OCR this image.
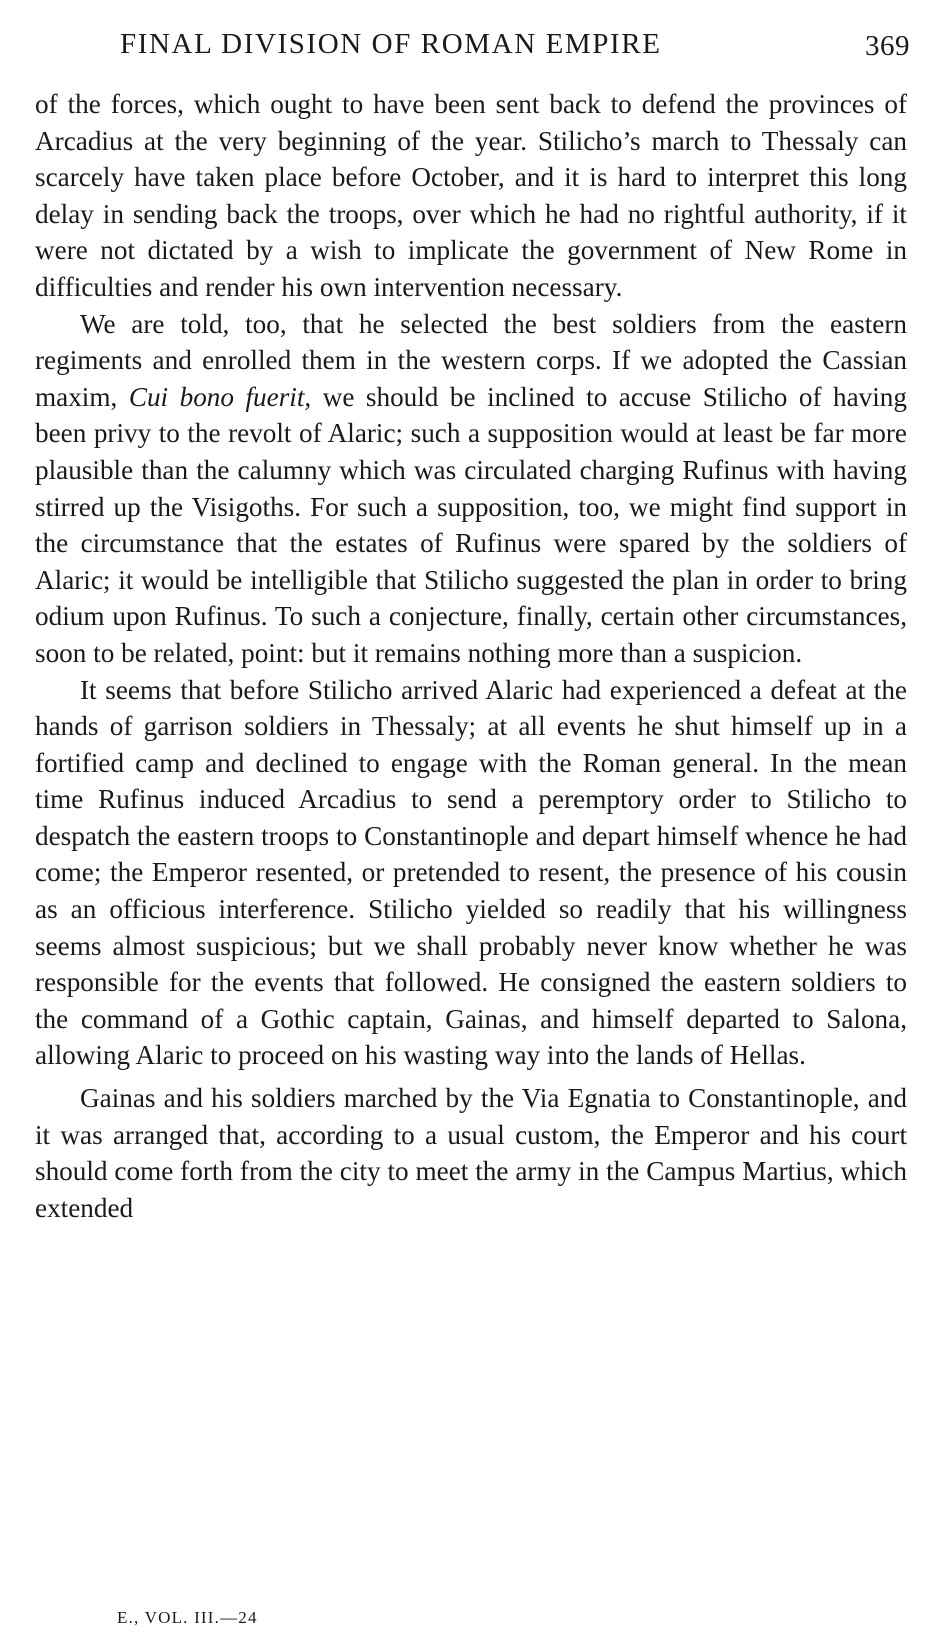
FINAL DIVISION OF ROMAN EMPIRE	369

of the forces, which ought to have been sent back to defend the provinces of Arcadius at the very beginning of the year. Stilicho’s march to Thessaly can scarcely have taken place before October, and it is hard to interpret this long delay in sending back the troops, over which he had no rightful authority, if it were not dictated by a wish to implicate the government of New Rome in difficulties and render his own intervention necessary.

We are told, too, that he selected the best soldiers from the eastern regiments and enrolled them in the western corps. If we adopted the Cassian maxim, Cui bono fuerit, we should be inclined to accuse Stilicho of having been privy to the revolt of Alaric; such a supposition would at least be far more plausible than the calumny which was circulated charging Rufinus with having stirred up the Visigoths. For such a supposition, too, we might find support in the circumstance that the estates of Rufinus were spared by the soldiers of Alaric; it would be intelligible that Stilicho suggested the plan in order to bring odium upon Rufinus. To such a conjecture, finally, certain other circumstances, soon to be related, point: but it remains nothing more than a suspicion.

It seems that before Stilicho arrived Alaric had experienced a defeat at the hands of garrison soldiers in Thessaly; at all events he shut himself up in a fortified camp and declined to engage with the Roman general. In the mean time Rufinus induced Arcadius to send a peremptory order to Stilicho to despatch the eastern troops to Constantinople and depart himself whence he had come; the Emperor resented, or pretended to resent, the presence of his cousin as an officious interference. Stilicho yielded so readily that his willingness seems almost suspicious; but we shall probably never know whether he was responsible for the events that followed. He consigned the eastern soldiers to the command of a Gothic captain, Gainas, and himself departed to Salona, allowing Alaric to proceed on his wasting way into the lands of Hellas.

Gainas and his soldiers marched by the Via Egnatia to Constantinople, and it was arranged that, according to a usual custom, the Emperor and his court should come forth from the city to meet the army in the Campus Martius, which extended

E., VOL. III.—24
